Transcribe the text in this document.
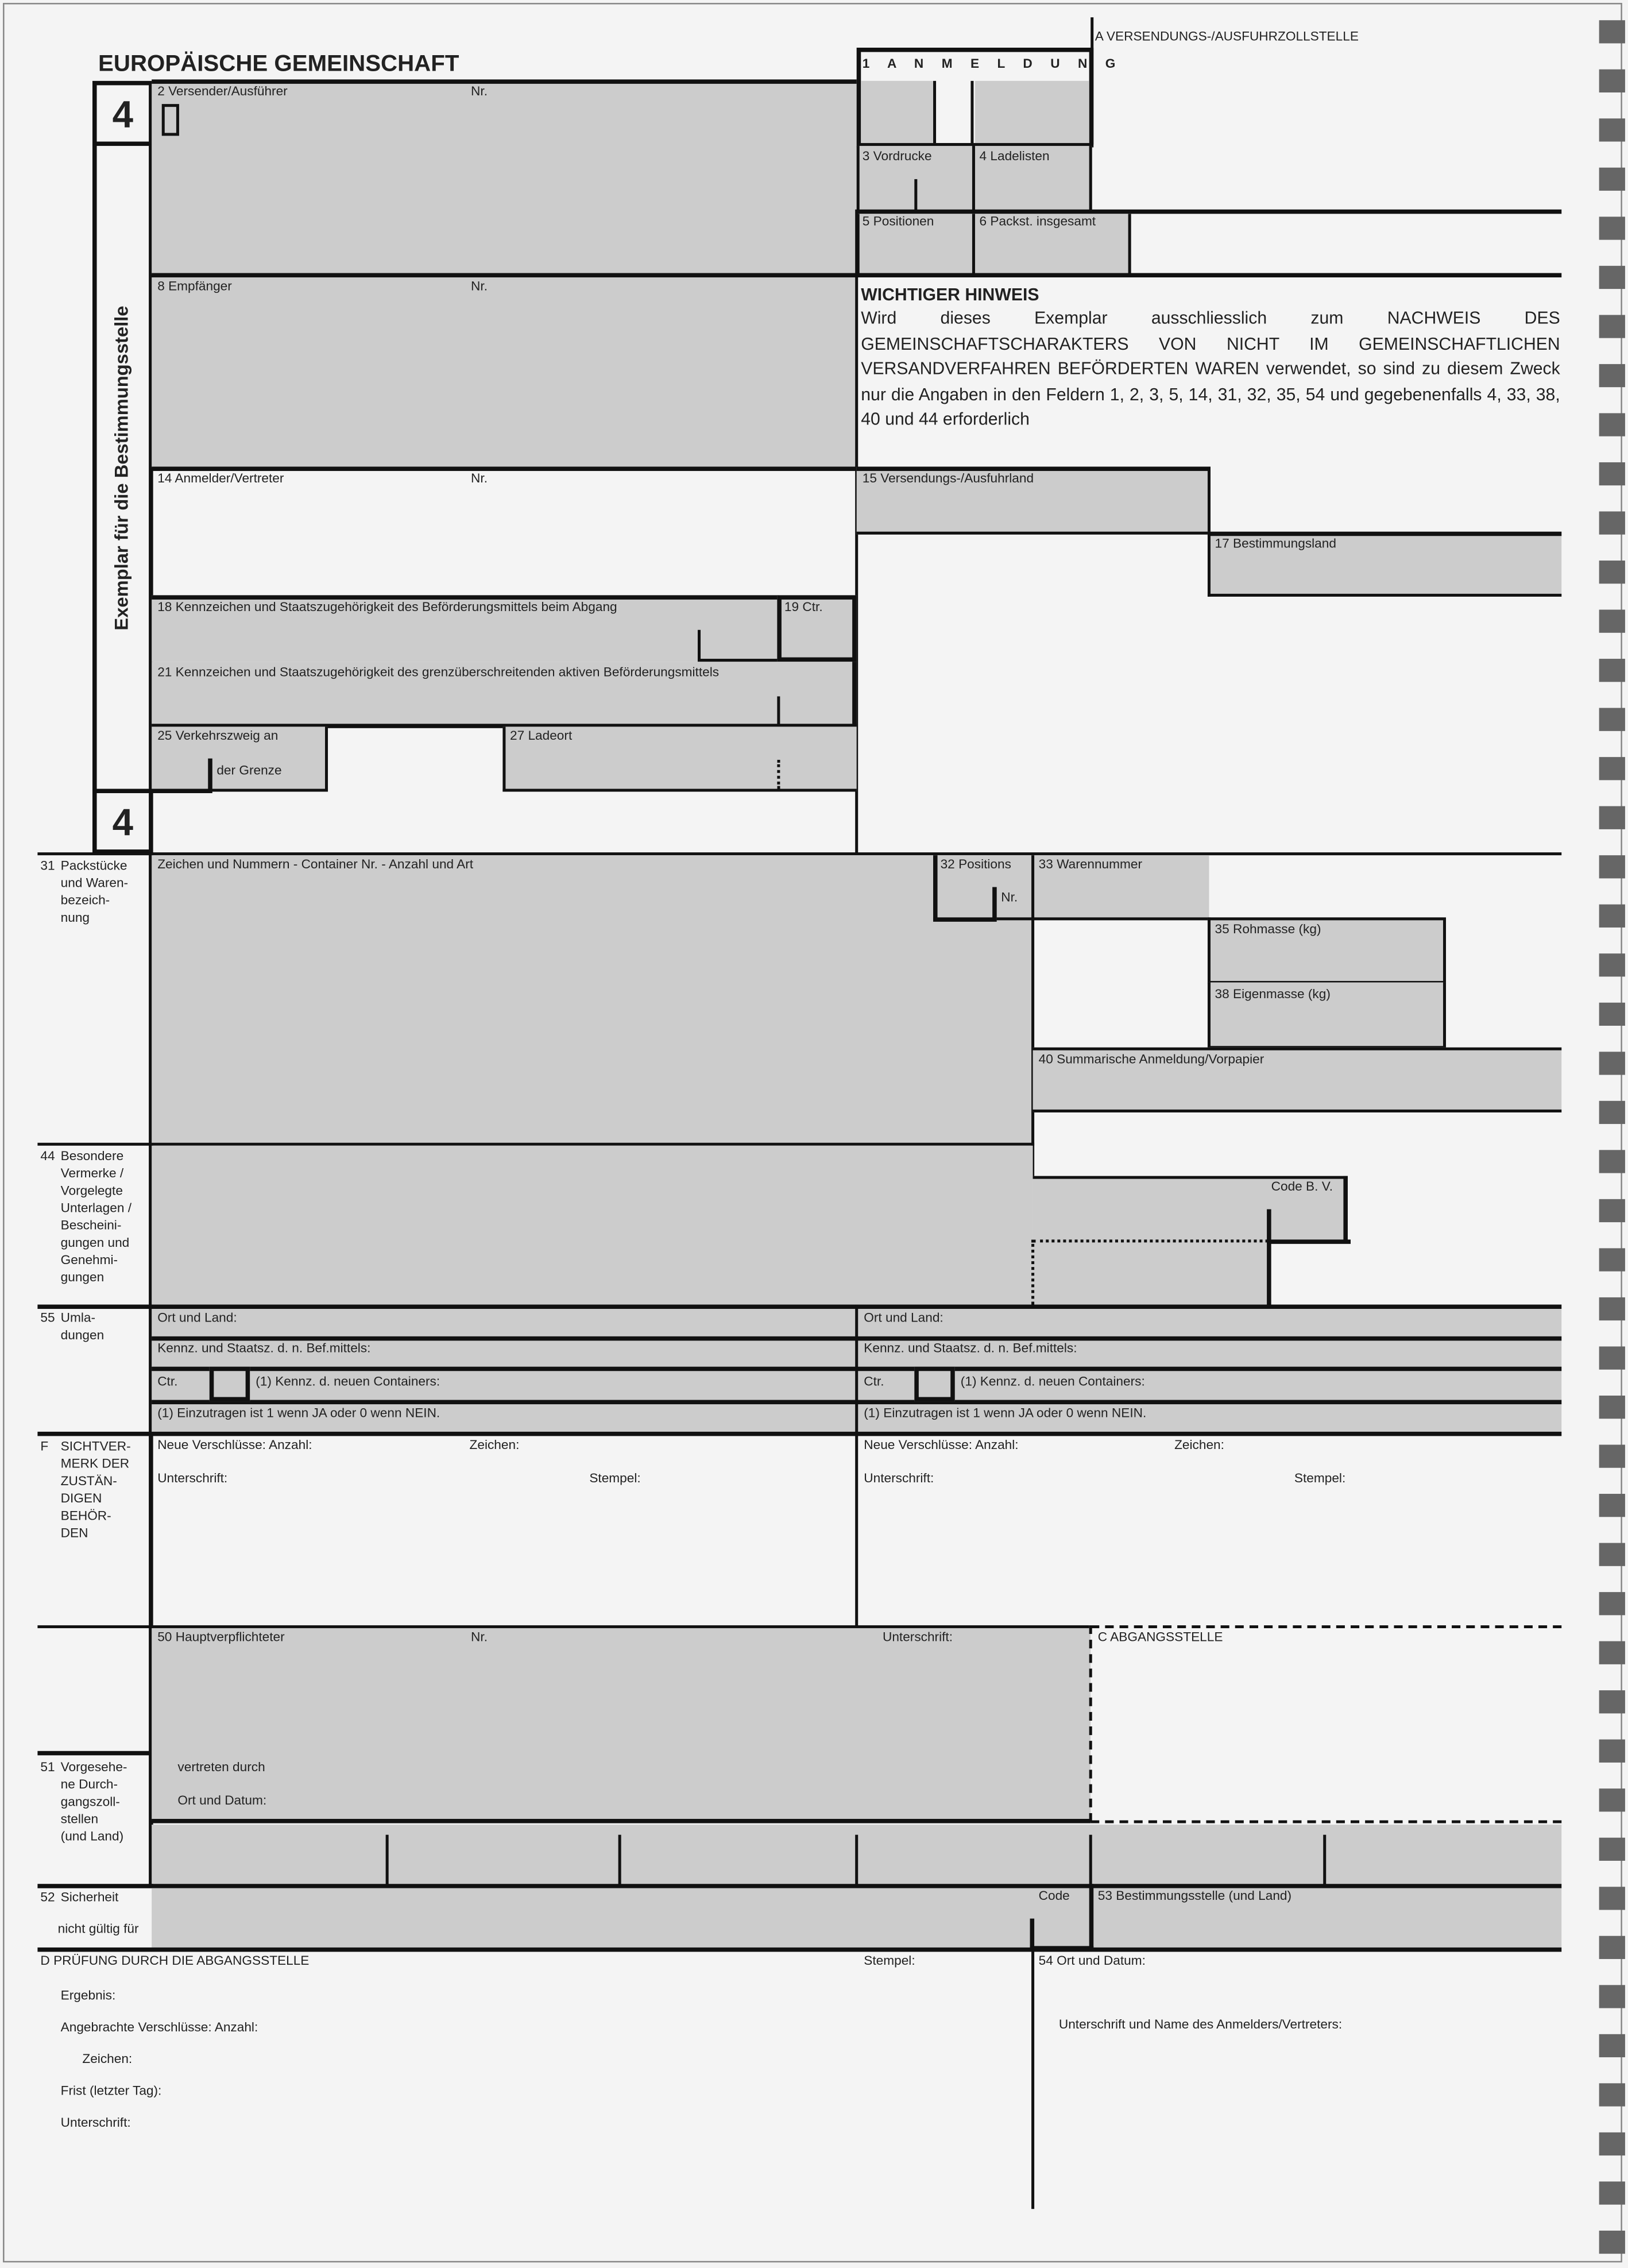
EUROPÄISCHE GEMEINSCHAFT
A VERSENDUNGS-/AUSFUHRZOLLSTELLE
4
Exemplar für die Bestimmungsstelle
4
2 Versender/Ausführer	Nr.
1 A N M E L D U N G
3 Vordrucke	4 Ladelisten
5 Positionen	6 Packst. insgesamt
8 Empfänger	Nr.	WICHTIGER HINWEIS
Wird dieses Exemplar ausschliesslich zum NACHWEIS DES GEMEINSCHAFTSCHARAKTERS VON NICHT IM GEMEINSCHAFTLICHEN VERSANDVERFAHREN BEFÖRDERTEN WAREN verwendet, so sind zu diesem Zweck nur die Angaben in den Feldern 1, 2, 3, 5, 14, 31, 32, 35, 54 und gegebenenfalls 4, 33, 38, 40 und 44 erforderlich
14 Anmelder/Vertreter	Nr.	15 Versendungs-/Ausfuhrland
17 Bestimmungsland
18 Kennzeichen und Staatszugehörigkeit des Beförderungsmittels beim Abgang	19 Ctr.
21 Kennzeichen und Staatszugehörigkeit des grenzüberschreitenden aktiven Beförderungsmittels
25 Verkehrszweig an
der Grenze
27 Ladeort
31 Packstücke
und Waren-
bezeich-
nung
Zeichen und Nummern - Container Nr. - Anzahl und Art	32 Positions
Nr.
33 Warennummer
35 Rohmasse (kg)
38 Eigenmasse (kg)
40 Summarische Anmeldung/Vorpapier
44 Besondere
Vermerke /
Vorgelegte
Unterlagen /
Bescheini-
gungen und
Genehmi-
gungen
Code B. V.
55 Umla-
dungen
Ort und Land:
Kennz. und Staatsz. d. n. Bef.mittels:
Ctr.	(1) Kennz. d. neuen Containers:
(1) Einzutragen ist 1 wenn JA oder 0 wenn NEIN.
Ort und Land:
Kennz. und Staatsz. d. n. Bef.mittels:
Ctr.	(1) Kennz. d. neuen Containers:
(1) Einzutragen ist 1 wenn JA oder 0 wenn NEIN.
F SICHTVER-
MERK DER
ZUSTÄN-
DIGEN
BEHÖR-
DEN
Neue Verschlüsse: Anzahl:	Zeichen:
Unterschrift:	Stempel:
Neue Verschlüsse: Anzahl:	Zeichen:
Unterschrift:	Stempel:
50 Hauptverpflichteter	Nr.	Unterschrift:
vertreten durch
Ort und Datum:
C ABGANGSSTELLE
51 Vorgesehe-
ne Durch-
gangszoll-
stellen
(und Land)
52 Sicherheit
nicht gültig für
Code	53 Bestimmungsstelle (und Land)
D PRÜFUNG DURCH DIE ABGANGSSTELLE	Stempel:
Ergebnis:
Angebrachte Verschlüsse: Anzahl:
Zeichen:
Frist (letzter Tag):
Unterschrift:
54 Ort und Datum:
Unterschrift und Name des Anmelders/Vertreters:
